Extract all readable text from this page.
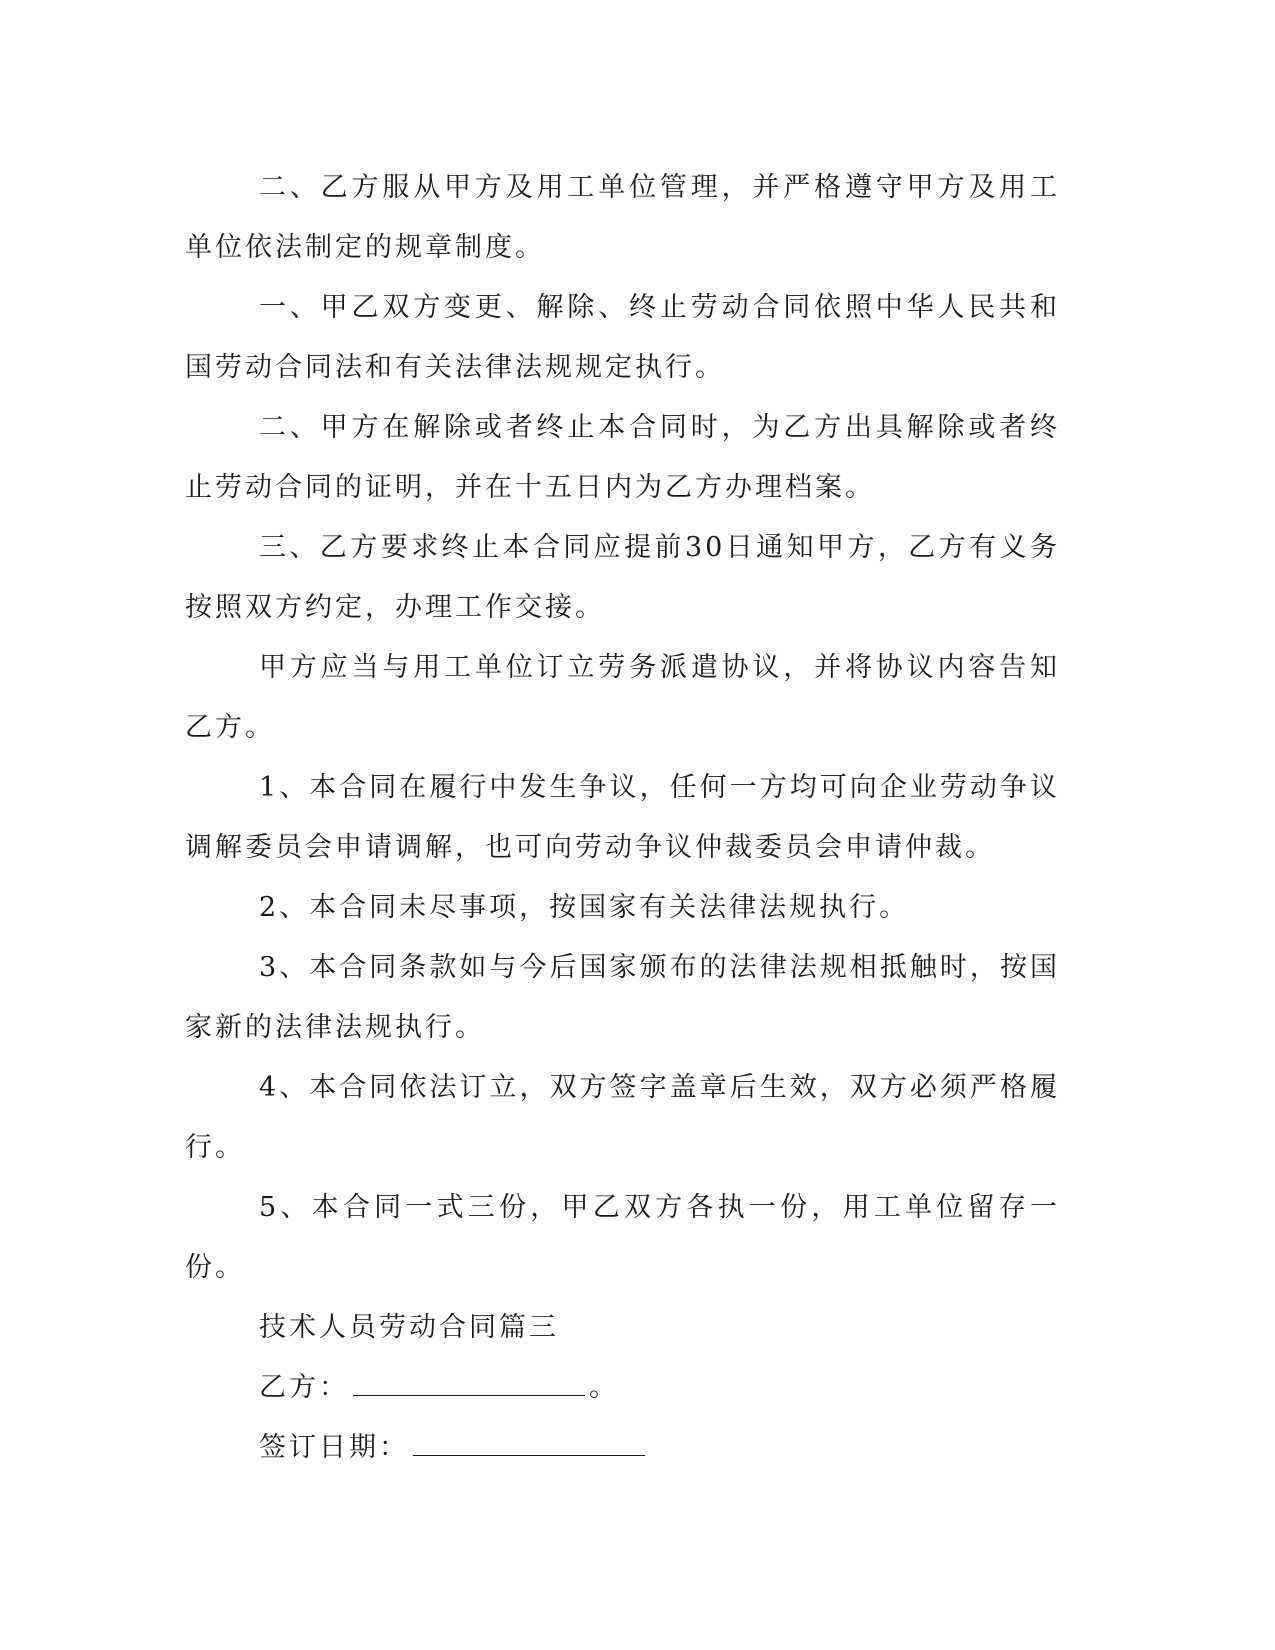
二、乙方服从甲方及用工单位管理，并严格遵守甲方及用工单位依法制定的规章制度。

一、甲乙双方变更、解除、终止劳动合同依照中华人民共和国劳动合同法和有关法律法规规定执行。

二、甲方在解除或者终止本合同时，为乙方出具解除或者终止劳动合同的证明，并在十五日内为乙方办理档案。

三、乙方要求终止本合同应提前30日通知甲方，乙方有义务按照双方约定，办理工作交接。

甲方应当与用工单位订立劳务派遣协议，并将协议内容告知乙方。

1、本合同在履行中发生争议，任何一方均可向企业劳动争议调解委员会申请调解，也可向劳动争议仲裁委员会申请仲裁。

2、本合同未尽事项，按国家有关法律法规执行。

3、本合同条款如与今后国家颁布的法律法规相抵触时，按国家新的法律法规执行。

4、本合同依法订立，双方签字盖章后生效，双方必须严格履行。

5、本合同一式三份，甲乙双方各执一份，用工单位留存一份。

技术人员劳动合同篇三

乙方：	。

签订日期：
